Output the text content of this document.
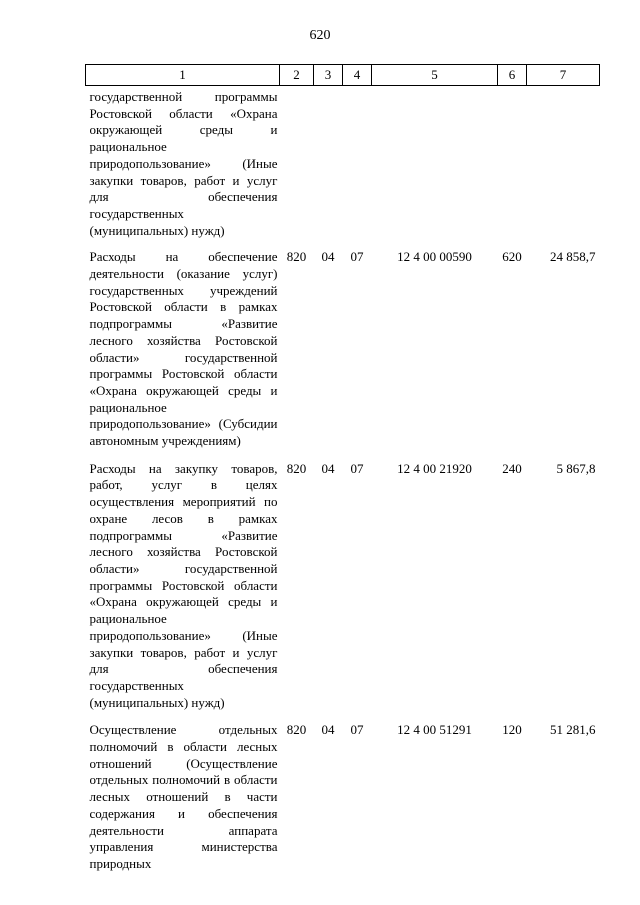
620
1	2	3	4	5	6	7
государственной программы Ростовской области «Охрана окружающей среды и рациональное природопользование» (Иные закупки товаров, работ и услуг для обеспечения государственных (муниципальных) нужд)						
Расходы на обеспечение деятельности (оказание услуг) государственных учреждений Ростовской области в рамках подпрограммы «Развитие лесного хозяйства Ростовской области» государственной программы Ростовской области «Охрана окружающей среды и рациональное природопользование» (Субсидии автономным учреждениям)	820	04	07	12 4 00 00590	620	24 858,7
Расходы на закупку товаров, работ, услуг в целях осуществления мероприятий по охране лесов в рамках подпрограммы «Развитие лесного хозяйства Ростовской области» государственной программы Ростовской области «Охрана окружающей среды и рациональное природопользование» (Иные закупки товаров, работ и услуг для обеспечения государственных (муниципальных) нужд)	820	04	07	12 4 00 21920	240	5 867,8
Осуществление отдельных полномочий в области лесных отношений (Осуществление отдельных полномочий в области лесных отношений в части содержания и обеспечения деятельности аппарата управления министерства природных	820	04	07	12 4 00 51291	120	51 281,6
